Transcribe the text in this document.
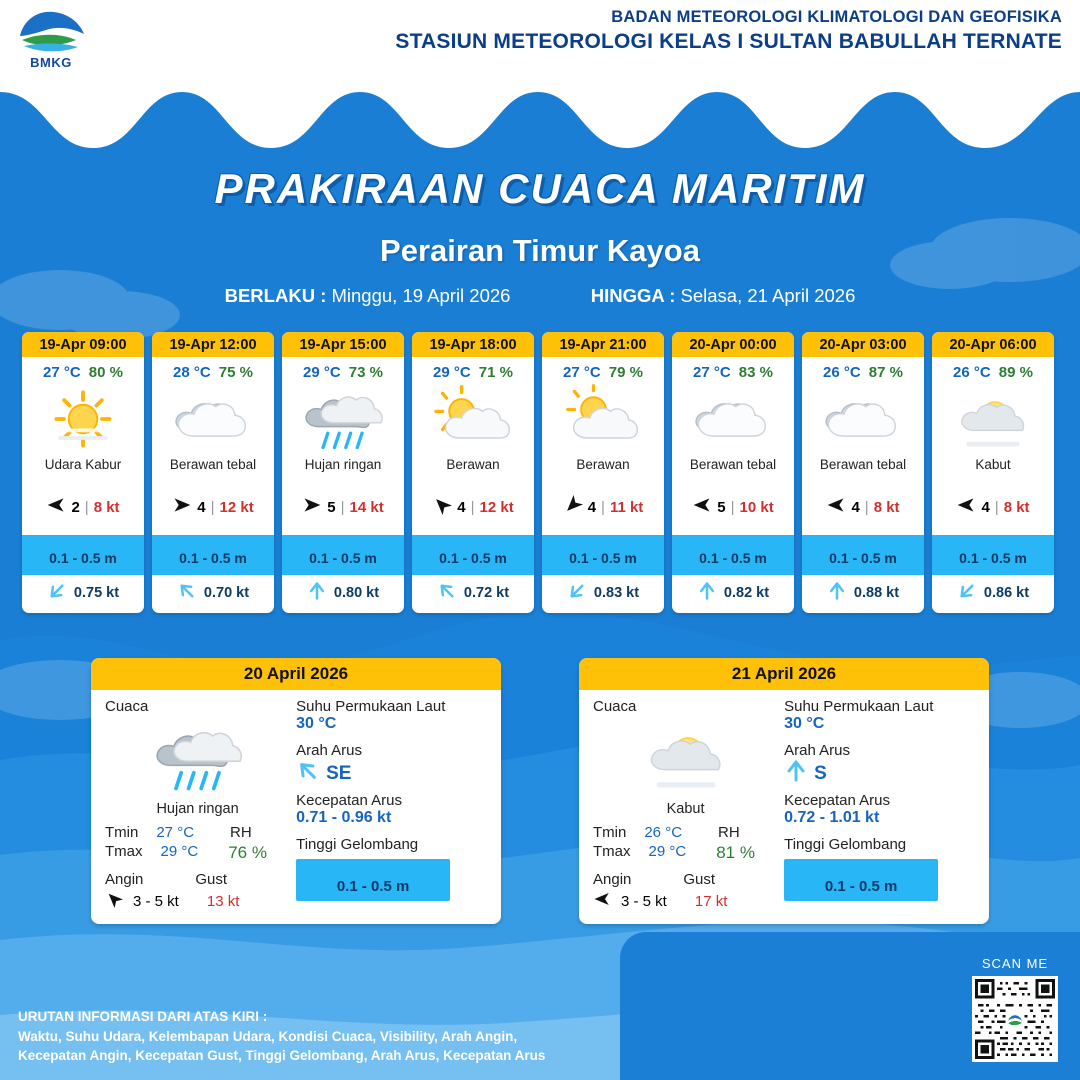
BMKG
BADAN METEOROLOGI KLIMATOLOGI DAN GEOFISIKA
STASIUN METEOROLOGI KELAS I SULTAN BABULLAH TERNATE
PRAKIRAAN CUACA MARITIM
Perairan Timur Kayoa
BERLAKU : Minggu, 19 April 2026	HINGGA : Selasa, 21 April 2026
19-Apr 09:00
27 °C 80 %
Udara Kabur
2 | 8 kt
0.1 - 0.5 m
0.75 kt
19-Apr 12:00
28 °C 75 %
Berawan tebal
4 | 12 kt
0.1 - 0.5 m
0.70 kt
19-Apr 15:00
29 °C 73 %
Hujan ringan
5 | 14 kt
0.1 - 0.5 m
0.80 kt
19-Apr 18:00
29 °C 71 %
Berawan
4 | 12 kt
0.1 - 0.5 m
0.72 kt
19-Apr 21:00
27 °C 79 %
Berawan
4 | 11 kt
0.1 - 0.5 m
0.83 kt
20-Apr 00:00
27 °C 83 %
Berawan tebal
5 | 10 kt
0.1 - 0.5 m
0.82 kt
20-Apr 03:00
26 °C 87 %
Berawan tebal
4 | 8 kt
0.1 - 0.5 m
0.88 kt
20-Apr 06:00
26 °C 89 %
Kabut
4 | 8 kt
0.1 - 0.5 m
0.86 kt
20 April 2026
Cuaca
Hujan ringan
Tmin 27 °C RH
Tmax 29 °C 76 %
Angin	Gust
3 - 5 kt 13 kt
Suhu Permukaan Laut
30 °C
Arah Arus
SE
Kecepatan Arus
0.71 - 0.96 kt
Tinggi Gelombang
0.1 - 0.5 m
21 April 2026
Cuaca
Kabut
Tmin 26 °C RH
Tmax 29 °C 81 %
Angin	Gust
3 - 5 kt 17 kt
Suhu Permukaan Laut
30 °C
Arah Arus
S
Kecepatan Arus
0.72 - 1.01 kt
Tinggi Gelombang
0.1 - 0.5 m
URUTAN INFORMASI DARI ATAS KIRI :
Waktu, Suhu Udara, Kelembapan Udara, Kondisi Cuaca, Visibility, Arah Angin,
Kecepatan Angin, Kecepatan Gust, Tinggi Gelombang, Arah Arus, Kecepatan Arus
SCAN ME
